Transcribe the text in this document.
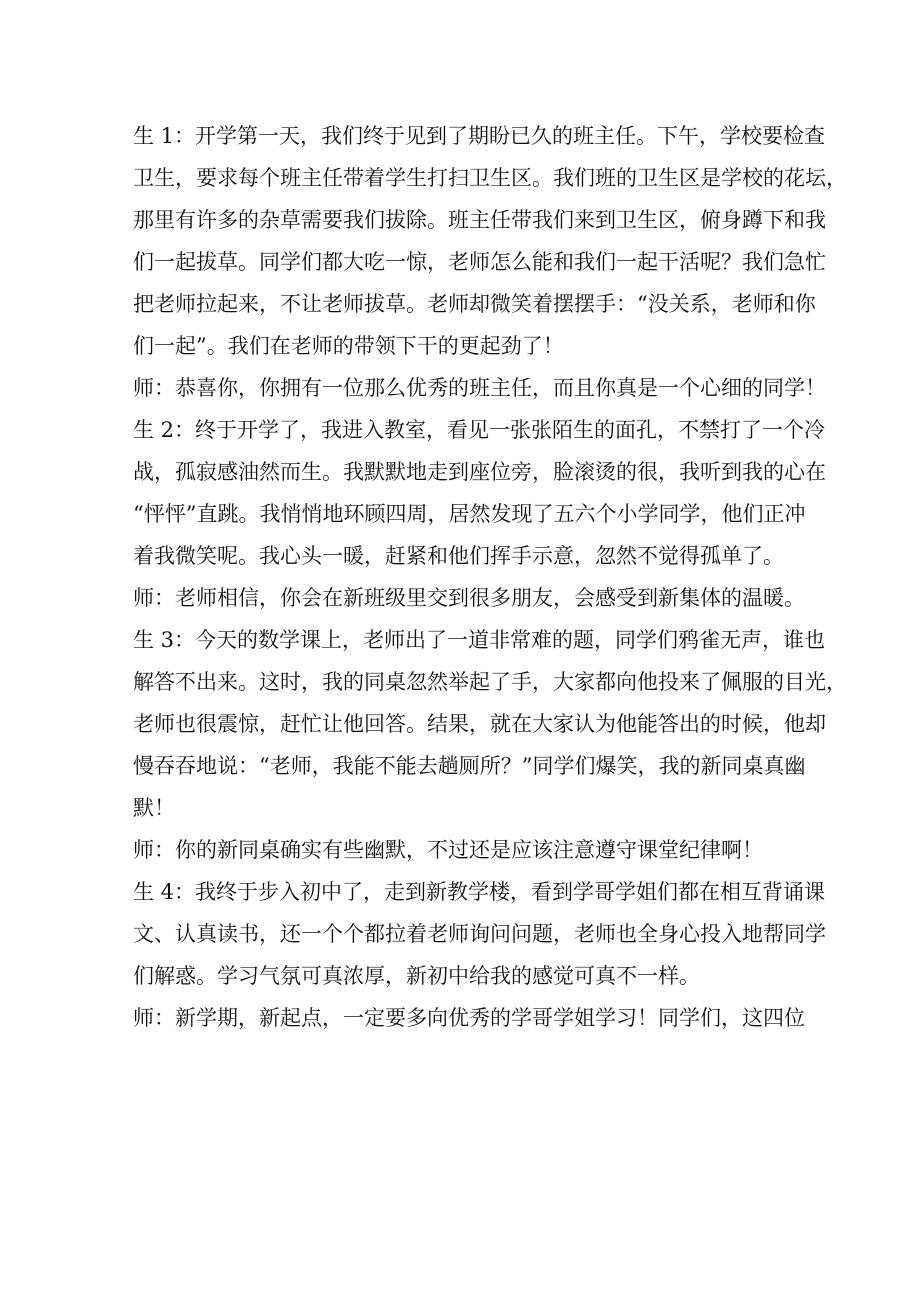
生 1：开学第一天，我们终于见到了期盼已久的班主任。下午，学校要检查
卫生，要求每个班主任带着学生打扫卫生区。我们班的卫生区是学校的花坛，
那里有许多的杂草需要我们拔除。班主任带我们来到卫生区，俯身蹲下和我
们一起拔草。同学们都大吃一惊，老师怎么能和我们一起干活呢？我们急忙
把老师拉起来，不让老师拔草。老师却微笑着摆摆手：“没关系，老师和你
们一起”。我们在老师的带领下干的更起劲了！
师：恭喜你，你拥有一位那么优秀的班主任，而且你真是一个心细的同学！
生 2：终于开学了，我进入教室，看见一张张陌生的面孔，不禁打了一个冷
战，孤寂感油然而生。我默默地走到座位旁，脸滚烫的很，我听到我的心在
“怦怦”直跳。我悄悄地环顾四周，居然发现了五六个小学同学，他们正冲
着我微笑呢。我心头一暖，赶紧和他们挥手示意，忽然不觉得孤单了。
师：老师相信，你会在新班级里交到很多朋友，会感受到新集体的温暖。
生 3：今天的数学课上，老师出了一道非常难的题，同学们鸦雀无声，谁也
解答不出来。这时，我的同桌忽然举起了手，大家都向他投来了佩服的目光，
老师也很震惊，赶忙让他回答。结果，就在大家认为他能答出的时候，他却
慢吞吞地说：“老师，我能不能去趟厕所？”同学们爆笑，我的新同桌真幽
默！
师：你的新同桌确实有些幽默，不过还是应该注意遵守课堂纪律啊！
生 4：我终于步入初中了，走到新教学楼，看到学哥学姐们都在相互背诵课
文、认真读书，还一个个都拉着老师询问问题，老师也全身心投入地帮同学
们解惑。学习气氛可真浓厚，新初中给我的感觉可真不一样。
师：新学期，新起点，一定要多向优秀的学哥学姐学习！同学们，这四位
